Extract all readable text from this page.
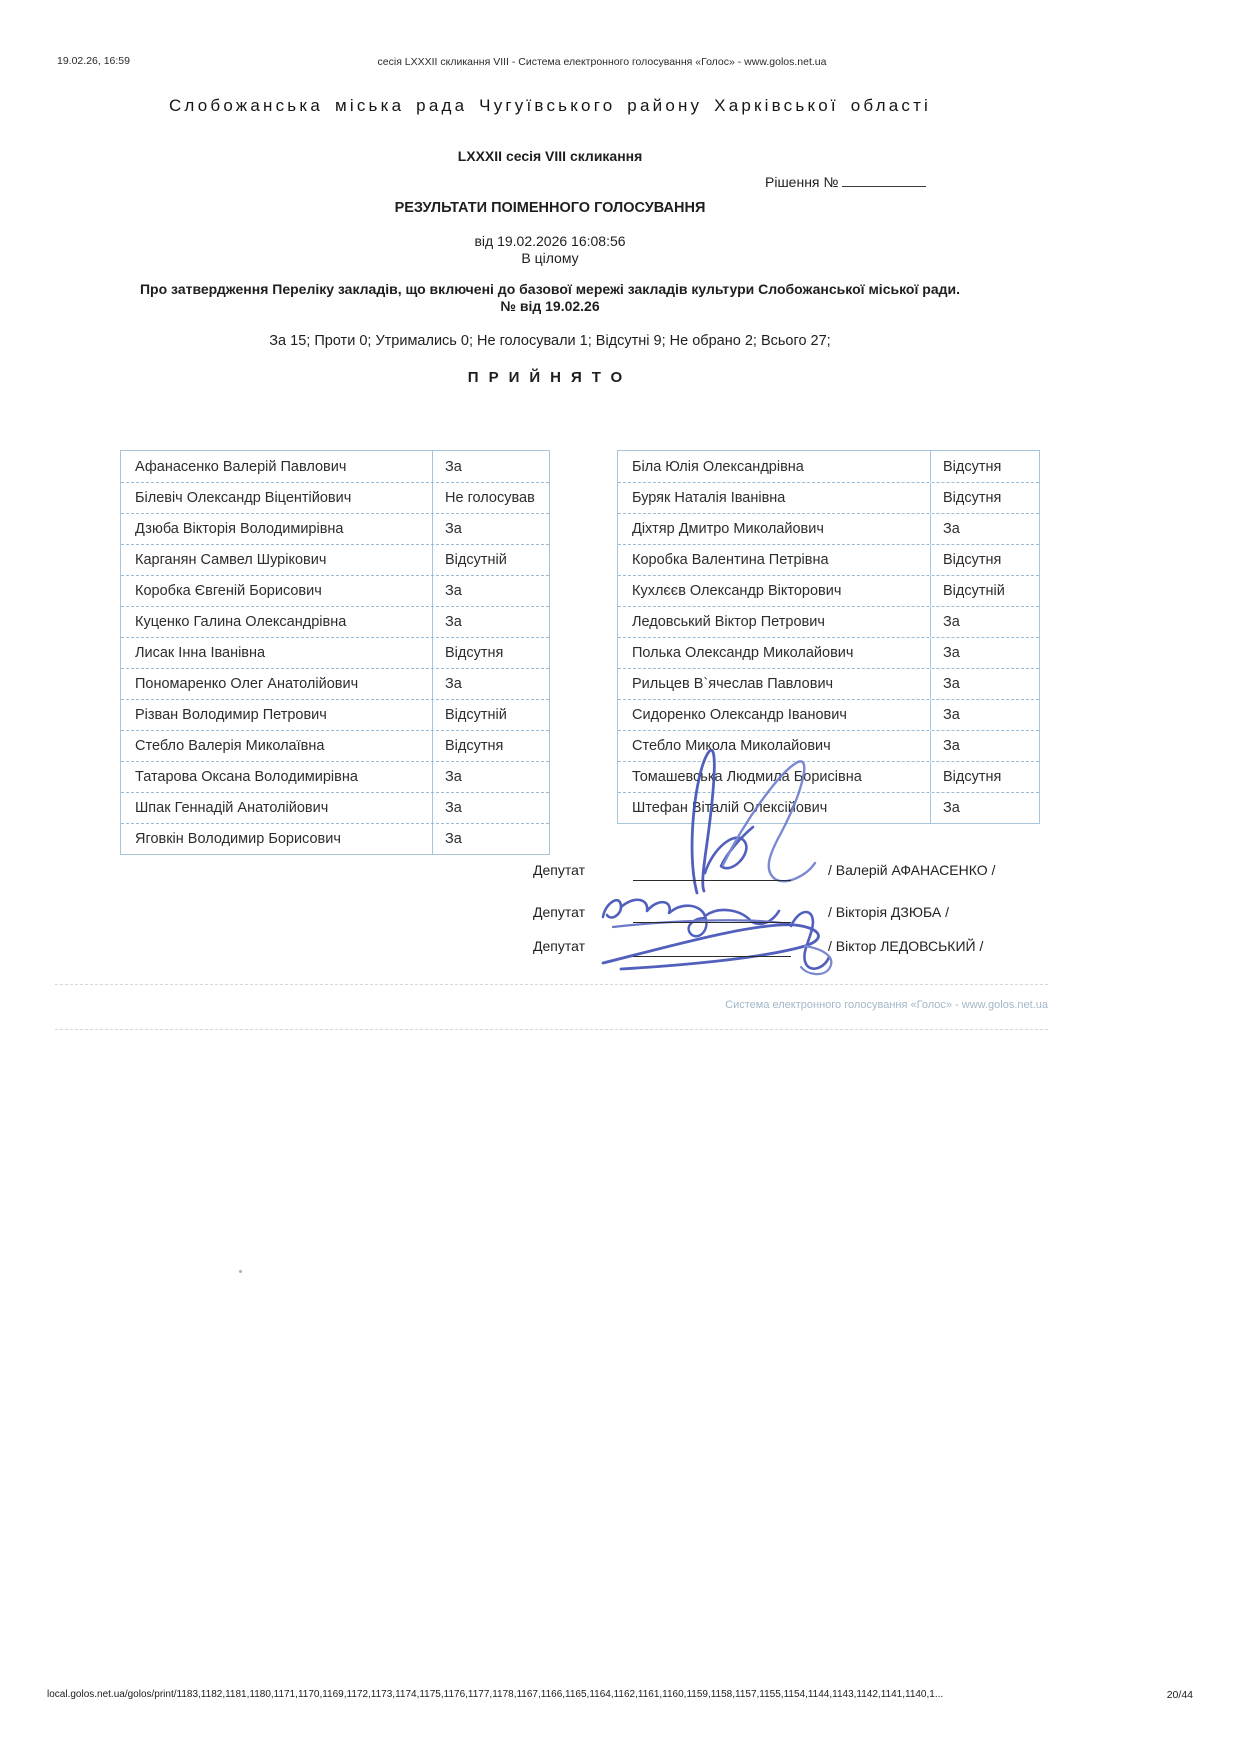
19.02.26, 16:59	сесія LXXXII скликання VIII - Система електронного голосування «Голос» - www.golos.net.ua
Слобожанська міська рада Чугуївського району Харківської області
LXXXII сесія VIII скликання
Рішення №
РЕЗУЛЬТАТИ ПОІМЕННОГО ГОЛОСУВАННЯ
від 19.02.2026 16:08:56
В цілому
Про затвердження Переліку закладів, що включені до базової мережі закладів культури Слобожанської міської ради.
№ від 19.02.26
За 15; Проти 0; Утримались 0; Не голосували 1; Відсутні 9; Не обрано 2; Всього 27;
ПРИЙНЯТО
Афанасенко Валерій Павлович	За
Білевіч Олександр Віцентійович	Не голосував
Дзюба Вікторія Володимирівна	За
Карганян Самвел Шурікович	Відсутній
Коробка Євгеній Борисович	За
Куценко Галина Олександрівна	За
Лисак Інна Іванівна	Відсутня
Пономаренко Олег Анатолійович	За
Різван Володимир Петрович	Відсутній
Стебло Валерія Миколаївна	Відсутня
Татарова Оксана Володимирівна	За
Шпак Геннадій Анатолійович	За
Яговкін Володимир Борисович	За
Біла Юлія Олександрівна	Відсутня
Буряк Наталія Іванівна	Відсутня
Діхтяр Дмитро Миколайович	За
Коробка Валентина Петрівна	Відсутня
Кухлєєв Олександр Вікторович	Відсутній
Ледовський Віктор Петрович	За
Полька Олександр Миколайович	За
Рильцев В`ячеслав Павлович	За
Сидоренко Олександр Іванович	За
Стебло Микола Миколайович	За
Томашевська Людмила Борисівна	Відсутня
Штефан Віталій Олексійович	За
Депутат	/ Валерій АФАНАСЕНКО /
Депутат	/ Вікторія ДЗЮБА /
Депутат	/ Віктор ЛЕДОВСЬКИЙ /
Система електронного голосування «Голос» - www.golos.net.ua
local.golos.net.ua/golos/print/1183,1182,1181,1180,1171,1170,1169,1172,1173,1174,1175,1176,1177,1178,1167,1166,1165,1164,1162,1161,1160,1159,1158,1157,1155,1154,1144,1143,1142,1141,1140,1...	20/44
